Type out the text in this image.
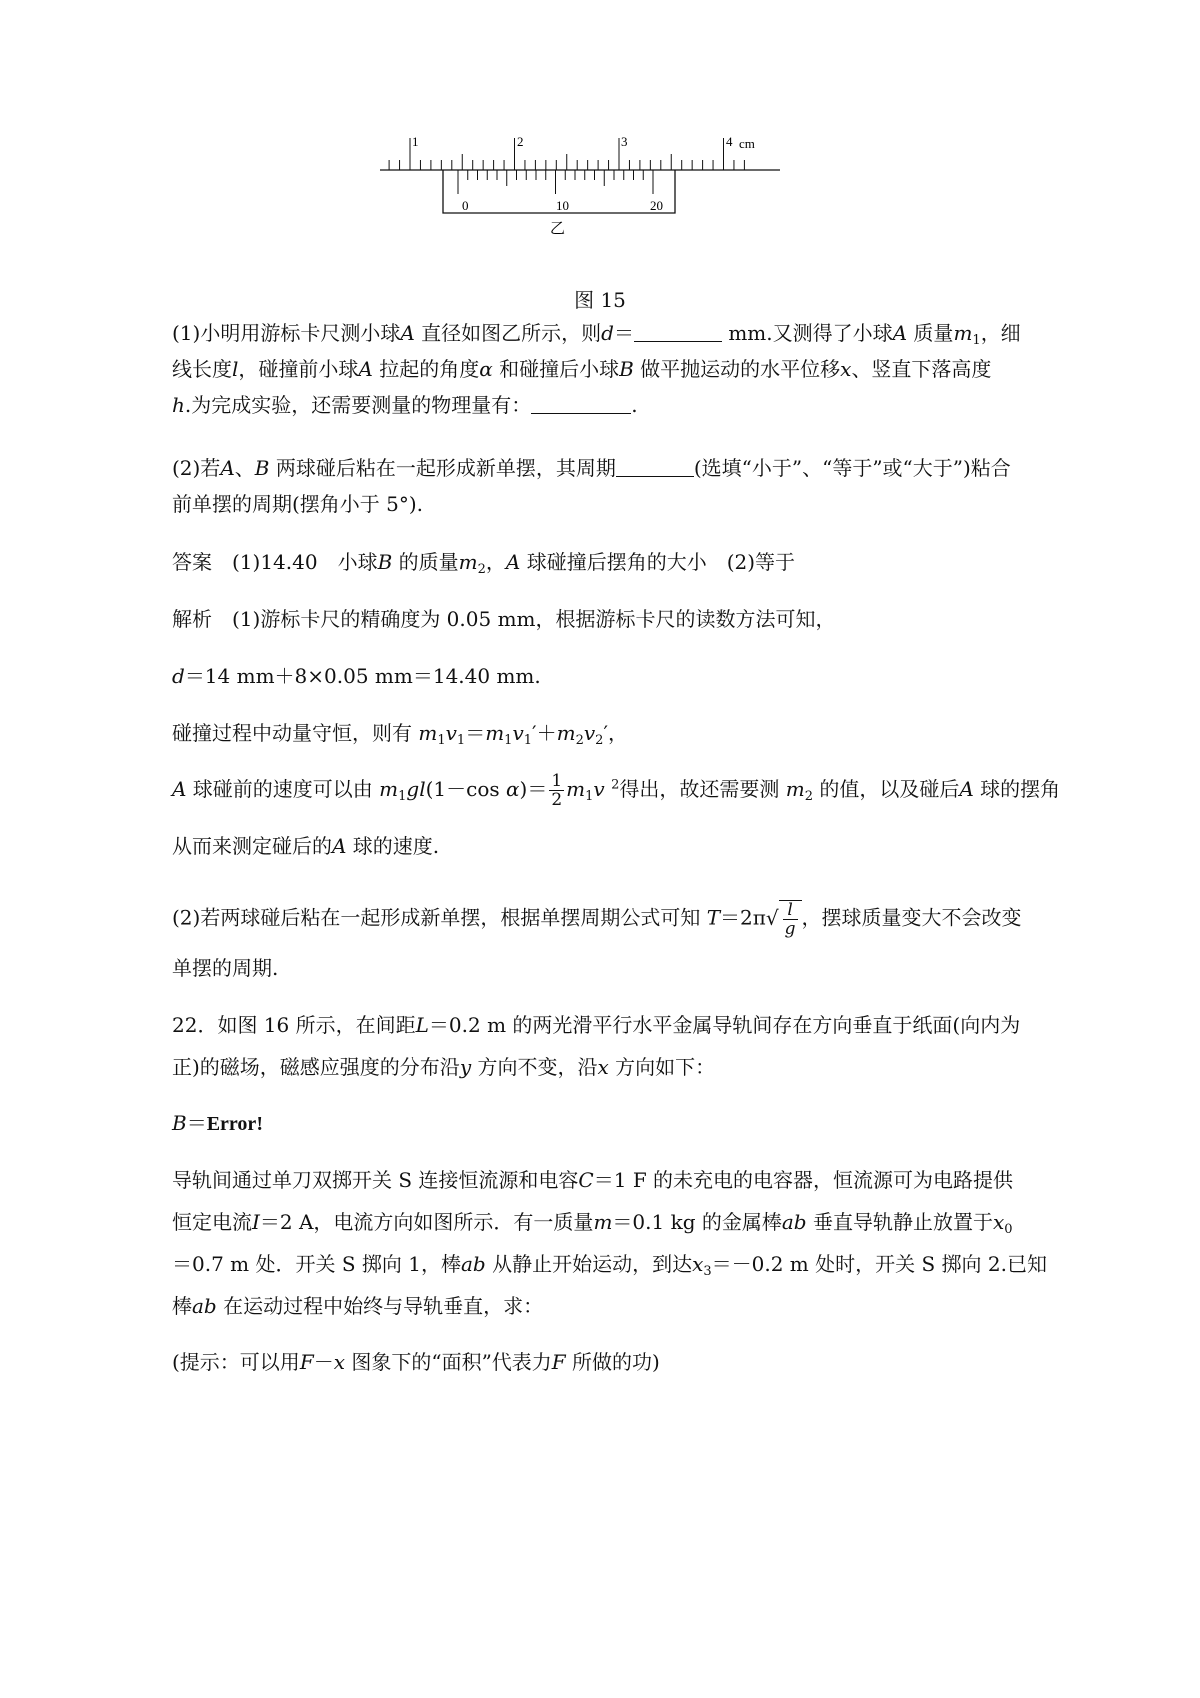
1	2	3	4 cm
0	10	20
乙
图 15
(1)小明用游标卡尺测小球A 直径如图乙所示，则d＝	mm.又测得了小球A 质量$m_1$，细
线长度l，碰撞前小球A 拉起的角度α 和碰撞后小球B 做平抛运动的水平位移x、竖直下落高度
h.为完成实验，还需要测量的物理量有：	.
(2)若A、B 两球碰后粘在一起形成新单摆，其周期	(选填“小于”、“等于”或“大于”)粘合
前单摆的周期(摆角小于 5°).
答案　 (1)14.40　小球B 的质量$m_2$，A 球碰撞后摆角的大小　(2)等于
解析　 (1)游标卡尺的精确度为 0.05 mm，根据游标卡尺的读数方法可知，
d＝14 mm＋8×0.05 mm＝14.40 mm.
碰撞过程中动量守恒，则有 $m_1v_1=m_1v_1'+m_2v_2'$，
A 球碰前的速度可以由 $m_1gl(1-\cos$ $\alpha)= \frac{1}{2} m_1v$ $^2$得出，故还需要测 $m_2$ 的值，以及碰后A 球的摆角
从而来测定碰后的A 球的速度.
(2)若两球碰后粘在一起形成新单摆，根据单摆周期公式可知 $T=2\pi√ \frac{l}{g}$ ，摆球质量变大不会改变
单摆的周期.
22．如图 16 所示，在间距L＝0.2 m 的两光滑平行水平金属导轨间存在方向垂直于纸面(向内为
正)的磁场，磁感应强度的分布沿y 方向不变，沿x 方向如下：
B＝Error!
导轨间通过单刀双掷开关 S 连接恒流源和电容C＝1 F 的未充电的电容器，恒流源可为电路提供
恒定电流I＝2 A，电流方向如图所示．有一质量m＝0.1 kg 的金属棒ab 垂直导轨静止放置于$x_0$
＝0.7 m 处．开关 S 掷向 1，棒ab 从静止开始运动，到达$x_3=-0.2$ m 处时，开关 S 掷向 2.已知
棒ab 在运动过程中始终与导轨垂直，求：
(提示：可以用F－x 图象下的“面积”代表力F 所做的功)
